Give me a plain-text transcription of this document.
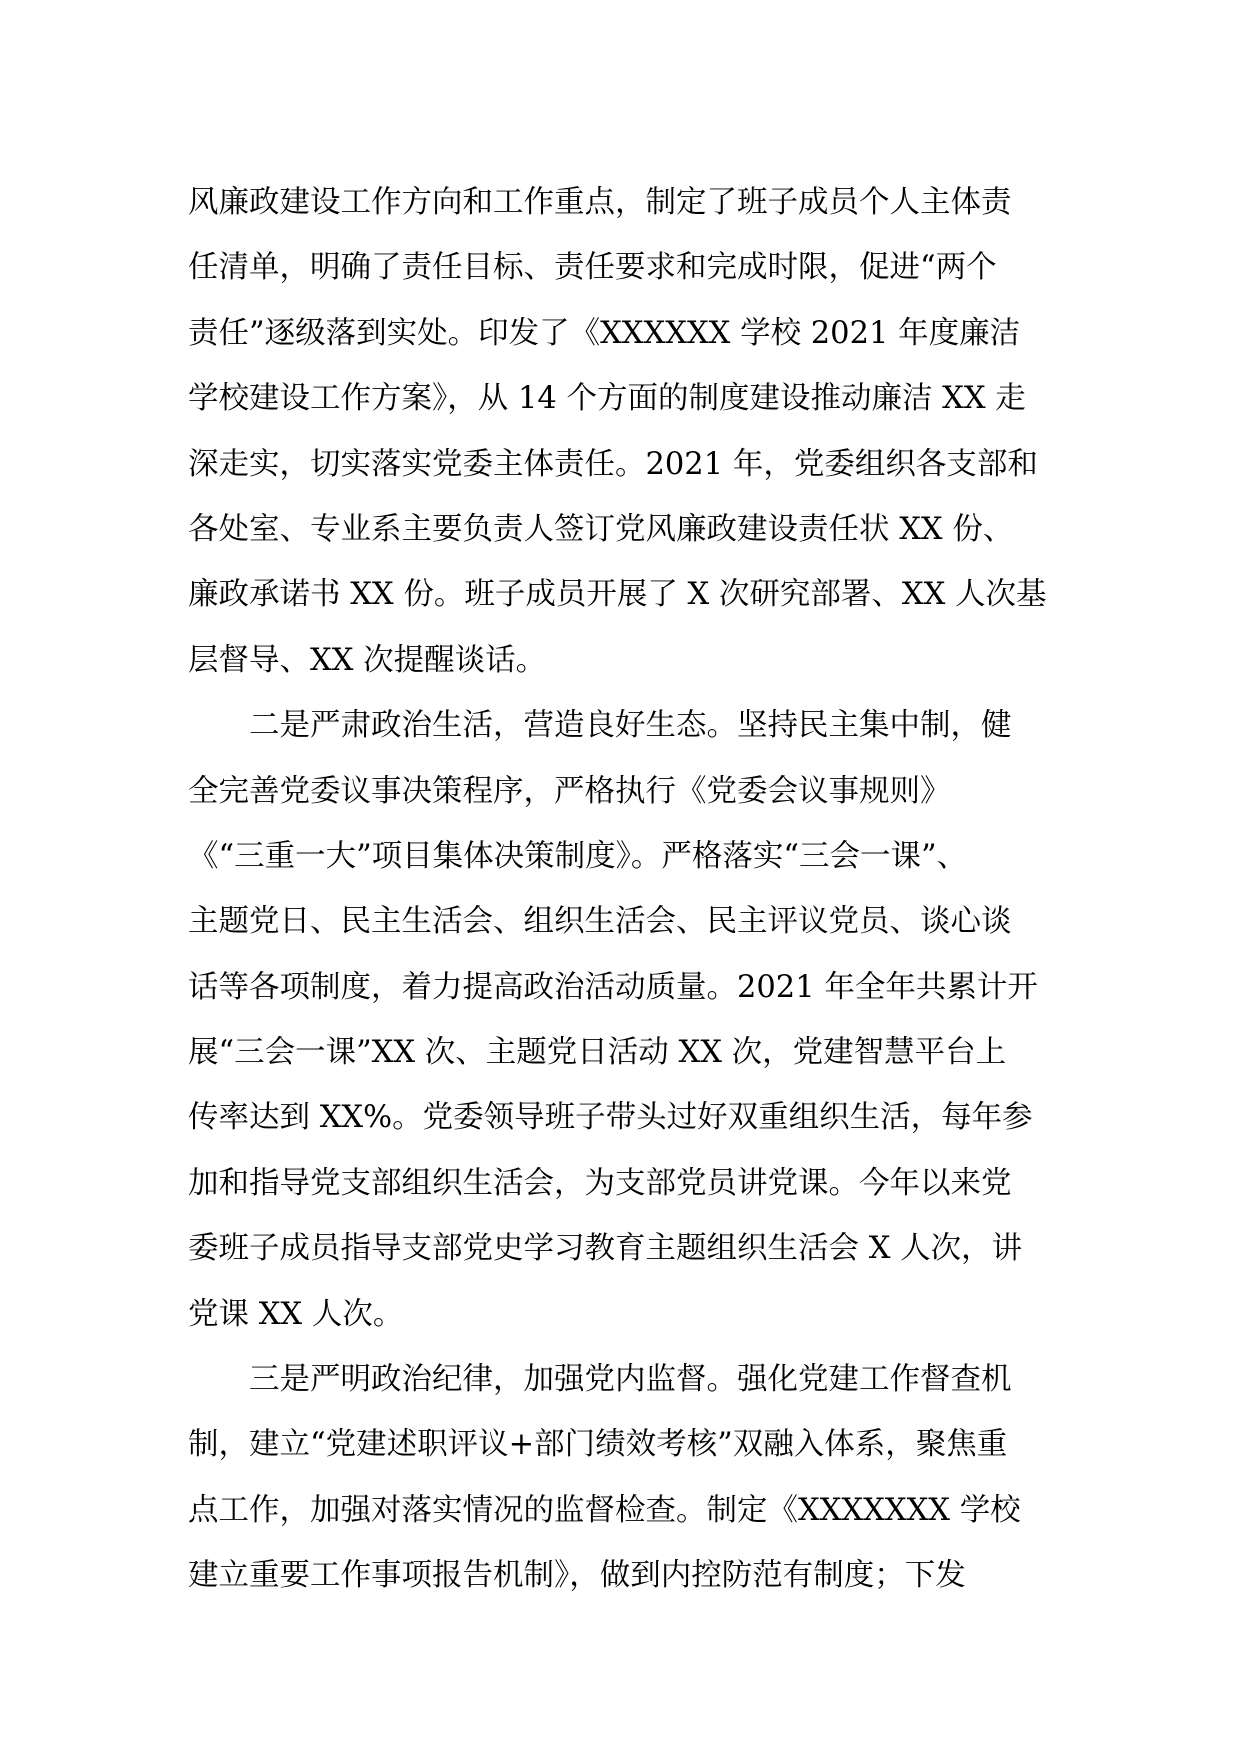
风廉政建设工作方向和工作重点，制定了班子成员个人主体责
任清单，明确了责任目标、责任要求和完成时限，促进“两个
责任”逐级落到实处。印发了《XXXXXX 学校 2021 年度廉洁
学校建设工作方案》，从 14 个方面的制度建设推动廉洁 XX 走
深走实，切实落实党委主体责任。2021 年，党委组织各支部和
各处室、专业系主要负责人签订党风廉政建设责任状 XX 份、
廉政承诺书 XX 份。班子成员开展了 X 次研究部署、XX 人次基
层督导、XX 次提醒谈话。
二是严肃政治生活，营造良好生态。坚持民主集中制，健
全完善党委议事决策程序，严格执行《党委会议事规则》
《“三重一大”项目集体决策制度》。严格落实“三会一课”、
主题党日、民主生活会、组织生活会、民主评议党员、谈心谈
话等各项制度，着力提高政治活动质量。2021 年全年共累计开
展“三会一课”XX 次、主题党日活动 XX 次，党建智慧平台上
传率达到 XX%。党委领导班子带头过好双重组织生活，每年参
加和指导党支部组织生活会，为支部党员讲党课。今年以来党
委班子成员指导支部党史学习教育主题组织生活会 X 人次，讲
党课 XX 人次。
三是严明政治纪律，加强党内监督。强化党建工作督查机
制，建立“党建述职评议+部门绩效考核”双融入体系，聚焦重
点工作，加强对落实情况的监督检查。制定《XXXXXXX 学校
建立重要工作事项报告机制》，做到内控防范有制度；下发
